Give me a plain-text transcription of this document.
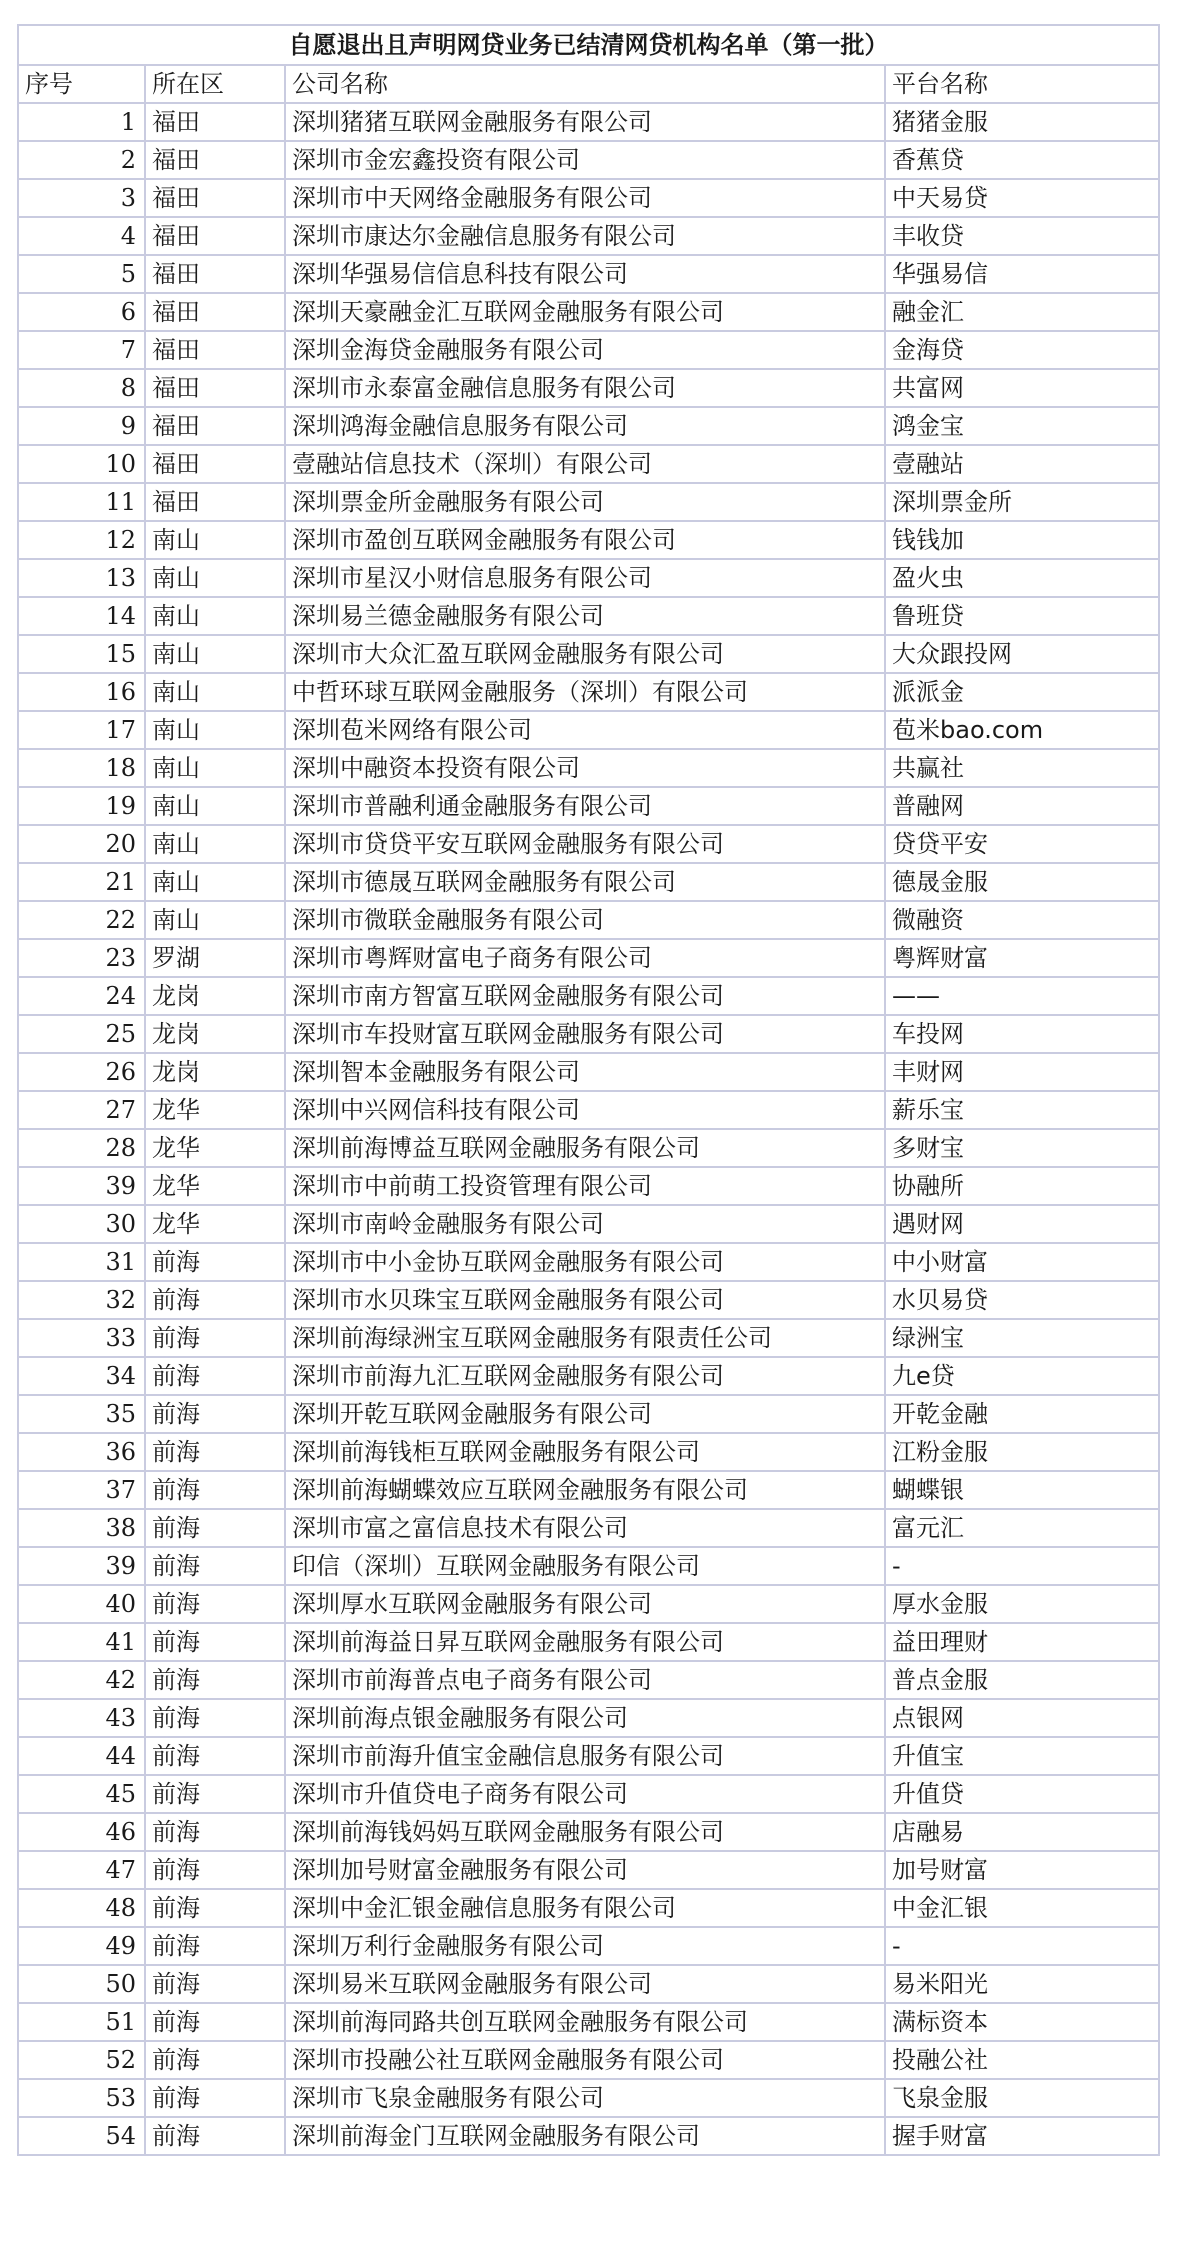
自愿退出且声明网贷业务已结清网贷机构名单（第一批）			
序号	所在区	公司名称	平台名称
1	福田	深圳猪猪互联网金融服务有限公司	猪猪金服
2	福田	深圳市金宏鑫投资有限公司	香蕉贷
3	福田	深圳市中天网络金融服务有限公司	中天易贷
4	福田	深圳市康达尔金融信息服务有限公司	丰收贷
5	福田	深圳华强易信信息科技有限公司	华强易信
6	福田	深圳天豪融金汇互联网金融服务有限公司	融金汇
7	福田	深圳金海贷金融服务有限公司	金海贷
8	福田	深圳市永泰富金融信息服务有限公司	共富网
9	福田	深圳鸿海金融信息服务有限公司	鸿金宝
10	福田	壹融站信息技术（深圳）有限公司	壹融站
11	福田	深圳票金所金融服务有限公司	深圳票金所
12	南山	深圳市盈创互联网金融服务有限公司	钱钱加
13	南山	深圳市星汉小财信息服务有限公司	盈火虫
14	南山	深圳易兰德金融服务有限公司	鲁班贷
15	南山	深圳市大众汇盈互联网金融服务有限公司	大众跟投网
16	南山	中哲环球互联网金融服务（深圳）有限公司	派派金
17	南山	深圳苞米网络有限公司	苞米bao.com
18	南山	深圳中融资本投资有限公司	共赢社
19	南山	深圳市普融利通金融服务有限公司	普融网
20	南山	深圳市贷贷平安互联网金融服务有限公司	贷贷平安
21	南山	深圳市德晟互联网金融服务有限公司	德晟金服
22	南山	深圳市微联金融服务有限公司	微融资
23	罗湖	深圳市粤辉财富电子商务有限公司	粤辉财富
24	龙岗	深圳市南方智富互联网金融服务有限公司	——
25	龙岗	深圳市车投财富互联网金融服务有限公司	车投网
26	龙岗	深圳智本金融服务有限公司	丰财网
27	龙华	深圳中兴网信科技有限公司	薪乐宝
28	龙华	深圳前海博益互联网金融服务有限公司	多财宝
39	龙华	深圳市中前萌工投资管理有限公司	协融所
30	龙华	深圳市南岭金融服务有限公司	遇财网
31	前海	深圳市中小金协互联网金融服务有限公司	中小财富
32	前海	深圳市水贝珠宝互联网金融服务有限公司	水贝易贷
33	前海	深圳前海绿洲宝互联网金融服务有限责任公司	绿洲宝
34	前海	深圳市前海九汇互联网金融服务有限公司	九e贷
35	前海	深圳开乾互联网金融服务有限公司	开乾金融
36	前海	深圳前海钱柜互联网金融服务有限公司	江粉金服
37	前海	深圳前海蝴蝶效应互联网金融服务有限公司	蝴蝶银
38	前海	深圳市富之富信息技术有限公司	富元汇
39	前海	印信（深圳）互联网金融服务有限公司	-
40	前海	深圳厚水互联网金融服务有限公司	厚水金服
41	前海	深圳前海益日昇互联网金融服务有限公司	益田理财
42	前海	深圳市前海普点电子商务有限公司	普点金服
43	前海	深圳前海点银金融服务有限公司	点银网
44	前海	深圳市前海升值宝金融信息服务有限公司	升值宝
45	前海	深圳市升值贷电子商务有限公司	升值贷
46	前海	深圳前海钱妈妈互联网金融服务有限公司	店融易
47	前海	深圳加号财富金融服务有限公司	加号财富
48	前海	深圳中金汇银金融信息服务有限公司	中金汇银
49	前海	深圳万利行金融服务有限公司	-
50	前海	深圳易米互联网金融服务有限公司	易米阳光
51	前海	深圳前海同路共创互联网金融服务有限公司	满标资本
52	前海	深圳市投融公社互联网金融服务有限公司	投融公社
53	前海	深圳市飞泉金融服务有限公司	飞泉金服
54	前海	深圳前海金门互联网金融服务有限公司	握手财富
